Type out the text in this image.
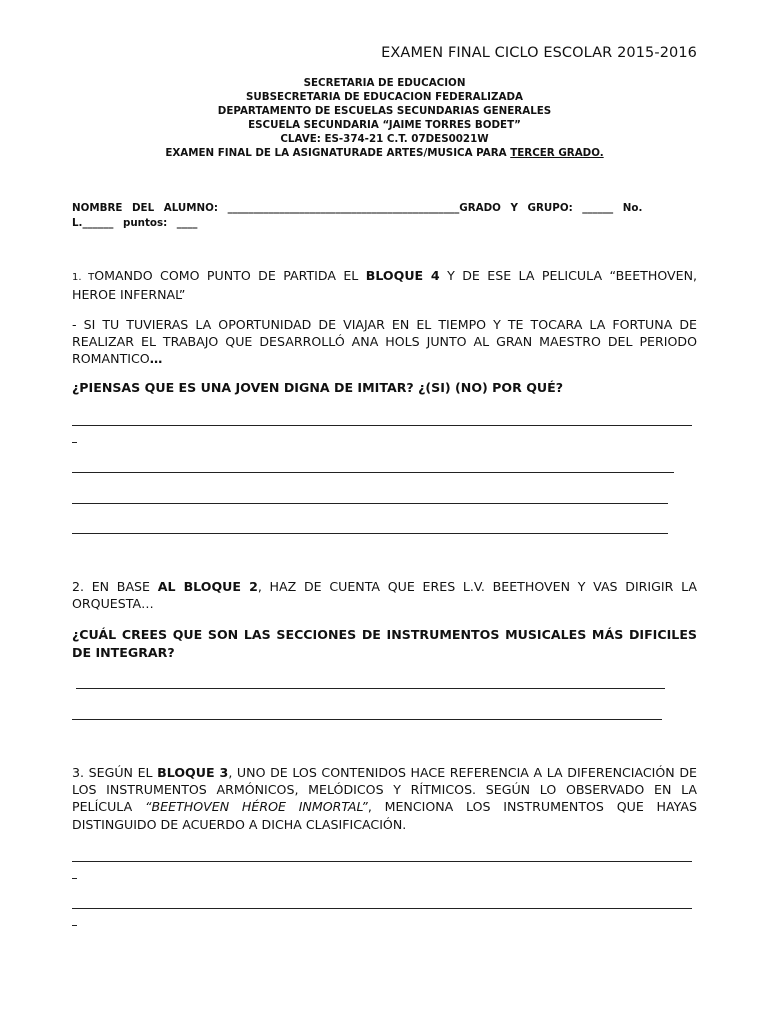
EXAMEN FINAL CICLO ESCOLAR 2015-2016
SECRETARIA DE EDUCACION
SUBSECRETARIA DE EDUCACION FEDERALIZADA
DEPARTAMENTO DE ESCUELAS SECUNDARIAS GENERALES
ESCUELA SECUNDARIA “JAIME TORRES BODET”
CLAVE: ES-374-21 C.T. 07DES0021W
EXAMEN FINAL DE LA ASIGNATURADE ARTES/MUSICA PARA TERCER GRADO.
NOMBRE DEL ALUMNO: _____________________________________________GRADO Y GRUPO: ______ No.
L.______ puntos: ____
1. TOMANDO COMO PUNTO DE PARTIDA EL BLOQUE 4 Y DE ESE LA PELICULA “BEETHOVEN, HEROE INFERNAL”
- SI TU TUVIERAS LA OPORTUNIDAD DE VIAJAR EN EL TIEMPO Y TE TOCARA LA FORTUNA DE REALIZAR EL TRABAJO QUE DESARROLLÓ ANA HOLS JUNTO AL GRAN MAESTRO DEL PERIODO ROMANTICO…
¿PIENSAS QUE ES UNA JOVEN DIGNA DE IMITAR? ¿(SI) (NO) POR QUÉ?
2. EN BASE AL BLOQUE 2, HAZ DE CUENTA QUE ERES L.V. BEETHOVEN Y VAS DIRIGIR LA ORQUESTA…
¿CUÁL CREES QUE SON LAS SECCIONES DE INSTRUMENTOS MUSICALES MÁS DIFICILES DE INTEGRAR?
3. SEGÚN EL BLOQUE 3, UNO DE LOS CONTENIDOS HACE REFERENCIA A LA DIFERENCIACIÓN DE LOS INSTRUMENTOS ARMÓNICOS, MELÓDICOS Y RÍTMICOS. SEGÚN LO OBSERVADO EN LA PELÍCULA “BEETHOVEN HÉROE INMORTAL”, MENCIONA LOS INSTRUMENTOS QUE HAYAS DISTINGUIDO DE ACUERDO A DICHA CLASIFICACIÓN.
